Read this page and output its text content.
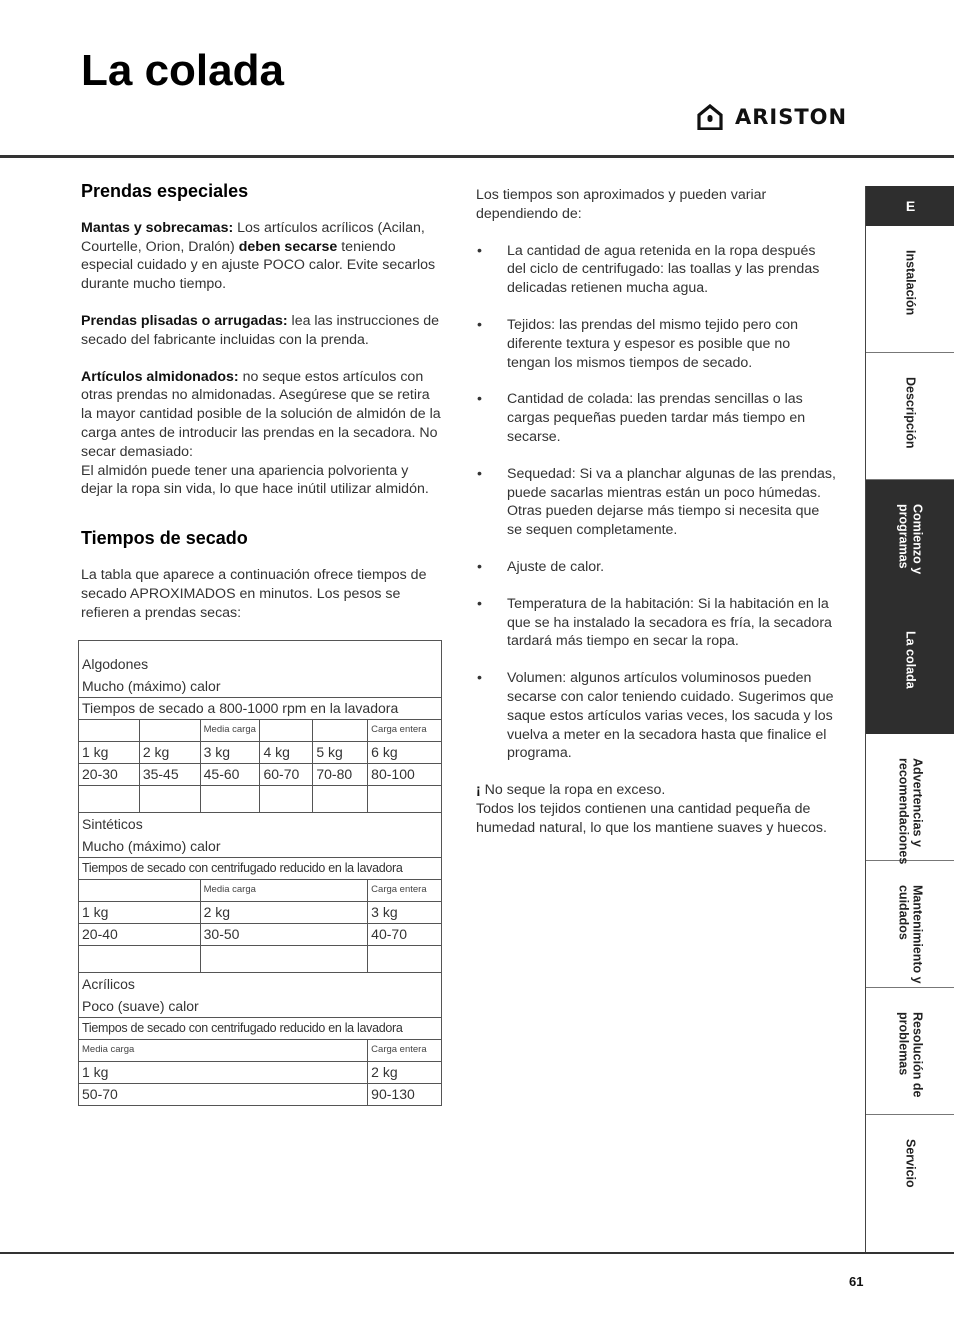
La colada
ARISTON
Prendas especiales

Mantas y sobrecamas: Los artículos acrílicos (Acilan, Courtelle, Orion, Dralón) deben secarse teniendo especial cuidado y en ajuste POCO calor. Evite secarlos durante mucho tiempo.

Prendas plisadas o arrugadas: lea las instrucciones de secado del fabricante incluidas con la prenda.

Artículos almidonados: no seque estos artículos con otras prendas no almidonadas. Asegúrese que se retira la mayor cantidad posible de la solución de almidón de la carga antes de introducir las prendas en la secadora. No secar demasiado:
El almidón puede tener una apariencia polvorienta y dejar la ropa sin vida, lo que hace inútil utilizar almidón.

Tiempos de secado

La tabla que aparece a continuación ofrece tiempos de secado APROXIMADOS en minutos. Los pesos se refieren a prendas secas:

Algodones
Mucho (máximo) calor					
Tiempos de secado a 800-1000 rpm en la lavadora					
		Media carga			Carga entera
1 kg	2 kg	3 kg	4 kg	5 kg	6 kg
20-30	35-45	45-60	60-70	70-80	80-100

Sintéticos
Mucho (máximo) calor					
Tiempos de secado con centrifugado reducido en la lavadora					
		Media carga			Carga entera
1 kg		2 kg			3 kg
20-40		30-50			40-70

Acrílicos
Poco (suave) calor					
Tiempos de secado con centrifugado reducido en la lavadora					
Media carga					Carga entera
1 kg					2 kg
50-70					90-130

Los tiempos son aproximados y pueden variar dependiendo de:

• La cantidad de agua retenida en la ropa después del ciclo de centrifugado: las toallas y las prendas delicadas retienen mucha agua.
• Tejidos: las prendas del mismo tejido pero con diferente textura y espesor es posible que no tengan los mismos tiempos de secado.
• Cantidad de colada: las prendas sencillas o las cargas pequeñas pueden tardar más tiempo en secarse.
• Sequedad: Si va a planchar algunas de las prendas, puede sacarlas mientras están un poco húmedas. Otras pueden dejarse más tiempo si necesita que se sequen completamente.
• Ajuste de calor.
• Temperatura de la habitación: Si la habitación en la que se ha instalado la secadora es fría, la secadora tardará más tiempo en secar la ropa.
• Volumen: algunos artículos voluminosos pueden secarse con calor teniendo cuidado. Sugerimos que saque estos artículos varias veces, los sacuda y los vuelva a meter en la secadora hasta que finalice el programa.

¡ No seque la ropa en exceso.
Todos los tejidos contienen una cantidad pequeña de humedad natural, lo que los mantiene suaves y huecos.

E
Instalación
Descripción
Comienzo y programas
La colada
Advertencias y recomendaciones
Mantenimiento y cuidados
Resolución de problemas
Servicio
61
